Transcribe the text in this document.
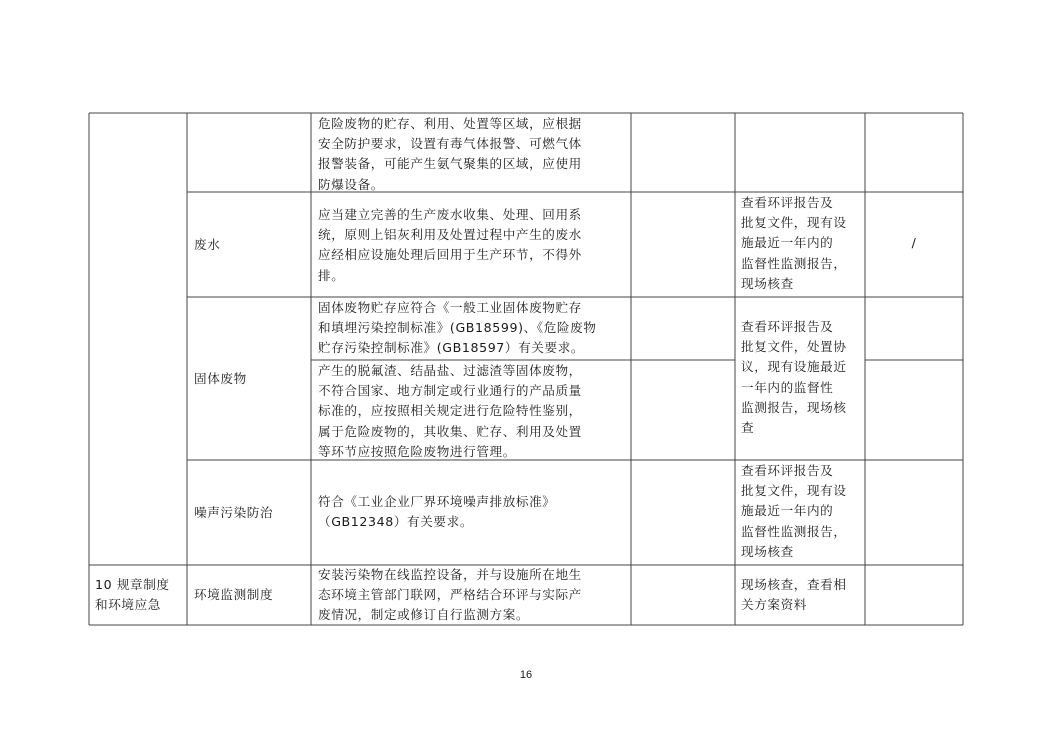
危险废物的贮存、利用、处置等区域，应根据
安全防护要求，设置有毒气体报警、可燃气体
报警装备，可能产生氨气聚集的区域，应使用
防爆设备。
废水
应当建立完善的生产废水收集、处理、回用系
统，原则上铝灰利用及处置过程中产生的废水
应经相应设施处理后回用于生产环节，不得外
排。
查看环评报告及
批复文件，现有设
施最近一年内的
监督性监测报告，
现场核查
/
固体废物
固体废物贮存应符合《一般工业固体废物贮存
和填埋污染控制标准》(GB18599)、《危险废物
贮存污染控制标准》(GB18597）有关要求。
产生的脱氟渣、结晶盐、过滤渣等固体废物，
不符合国家、地方制定或行业通行的产品质量
标准的，应按照相关规定进行危险特性鉴别，
属于危险废物的，其收集、贮存、利用及处置
等环节应按照危险废物进行管理。
查看环评报告及
批复文件，处置协
议，现有设施最近
一年内的监督性
监测报告，现场核
查
噪声污染防治
符合《工业企业厂界环境噪声排放标准》
（GB12348）有关要求。
查看环评报告及
批复文件，现有设
施最近一年内的
监督性监测报告，
现场核查
10 规章制度
和环境应急
环境监测制度
安装污染物在线监控设备，并与设施所在地生
态环境主管部门联网，严格结合环评与实际产
废情况，制定或修订自行监测方案。
现场核查，查看相
关方案资料
16
